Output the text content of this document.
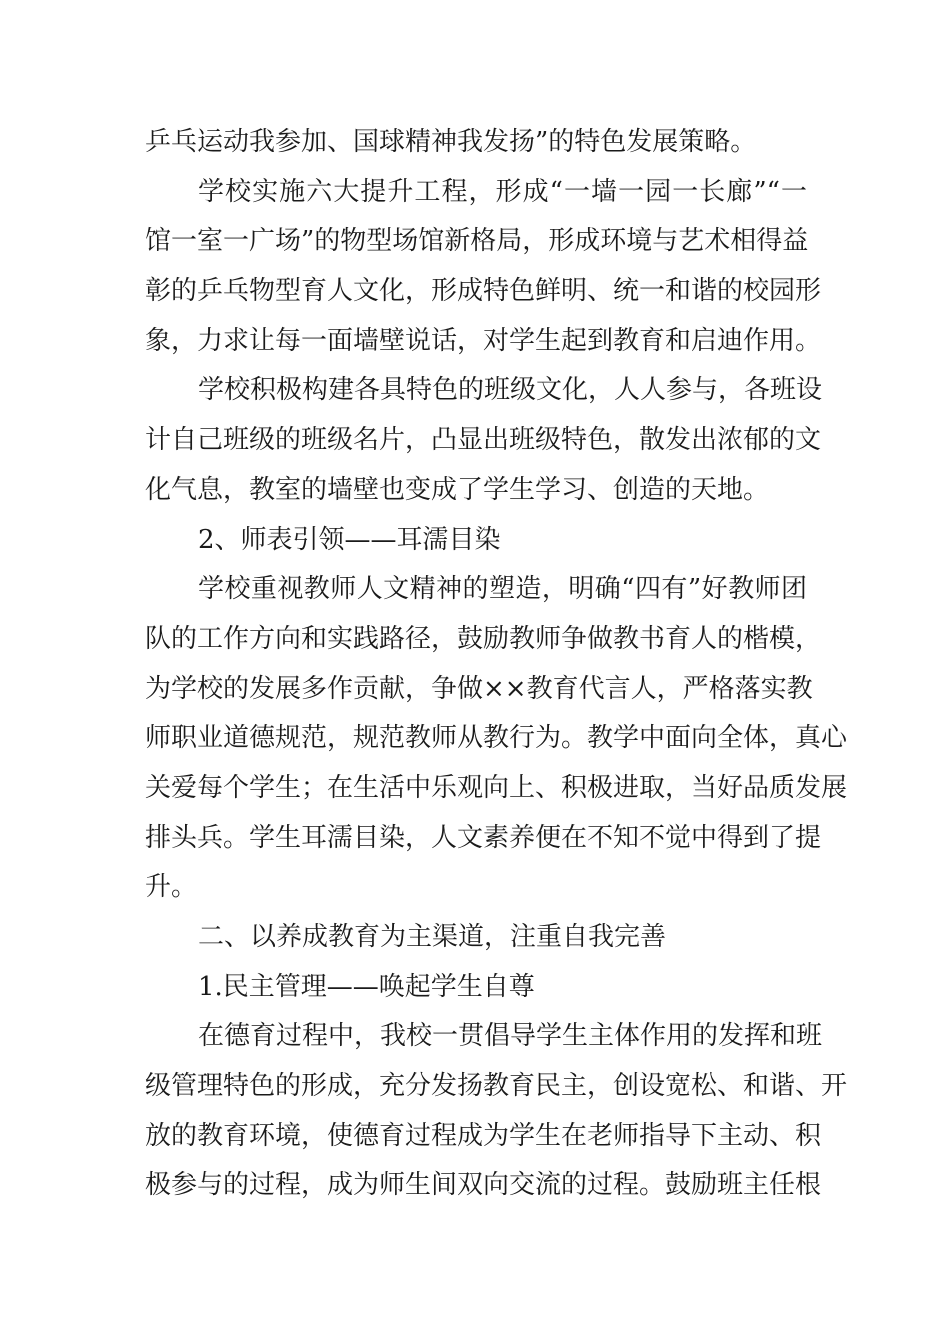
乒乓运动我参加、国球精神我发扬”的特色发展策略。
学校实施六大提升工程，形成“一墙一园一长廊”“一
馆一室一广场”的物型场馆新格局，形成环境与艺术相得益
彰的乒乓物型育人文化，形成特色鲜明、统一和谐的校园形
象，力求让每一面墙壁说话，对学生起到教育和启迪作用。
学校积极构建各具特色的班级文化，人人参与，各班设
计自己班级的班级名片，凸显出班级特色，散发出浓郁的文
化气息，教室的墙壁也变成了学生学习、创造的天地。
2、师表引领——耳濡目染
学校重视教师人文精神的塑造，明确“四有”好教师团
队的工作方向和实践路径，鼓励教师争做教书育人的楷模，
为学校的发展多作贡献，争做××教育代言人，严格落实教
师职业道德规范，规范教师从教行为。教学中面向全体，真心
关爱每个学生；在生活中乐观向上、积极进取，当好品质发展
排头兵。学生耳濡目染，人文素养便在不知不觉中得到了提
升。
二、以养成教育为主渠道，注重自我完善
1.民主管理——唤起学生自尊
在德育过程中，我校一贯倡导学生主体作用的发挥和班
级管理特色的形成，充分发扬教育民主，创设宽松、和谐、开
放的教育环境，使德育过程成为学生在老师指导下主动、积
极参与的过程，成为师生间双向交流的过程。鼓励班主任根
